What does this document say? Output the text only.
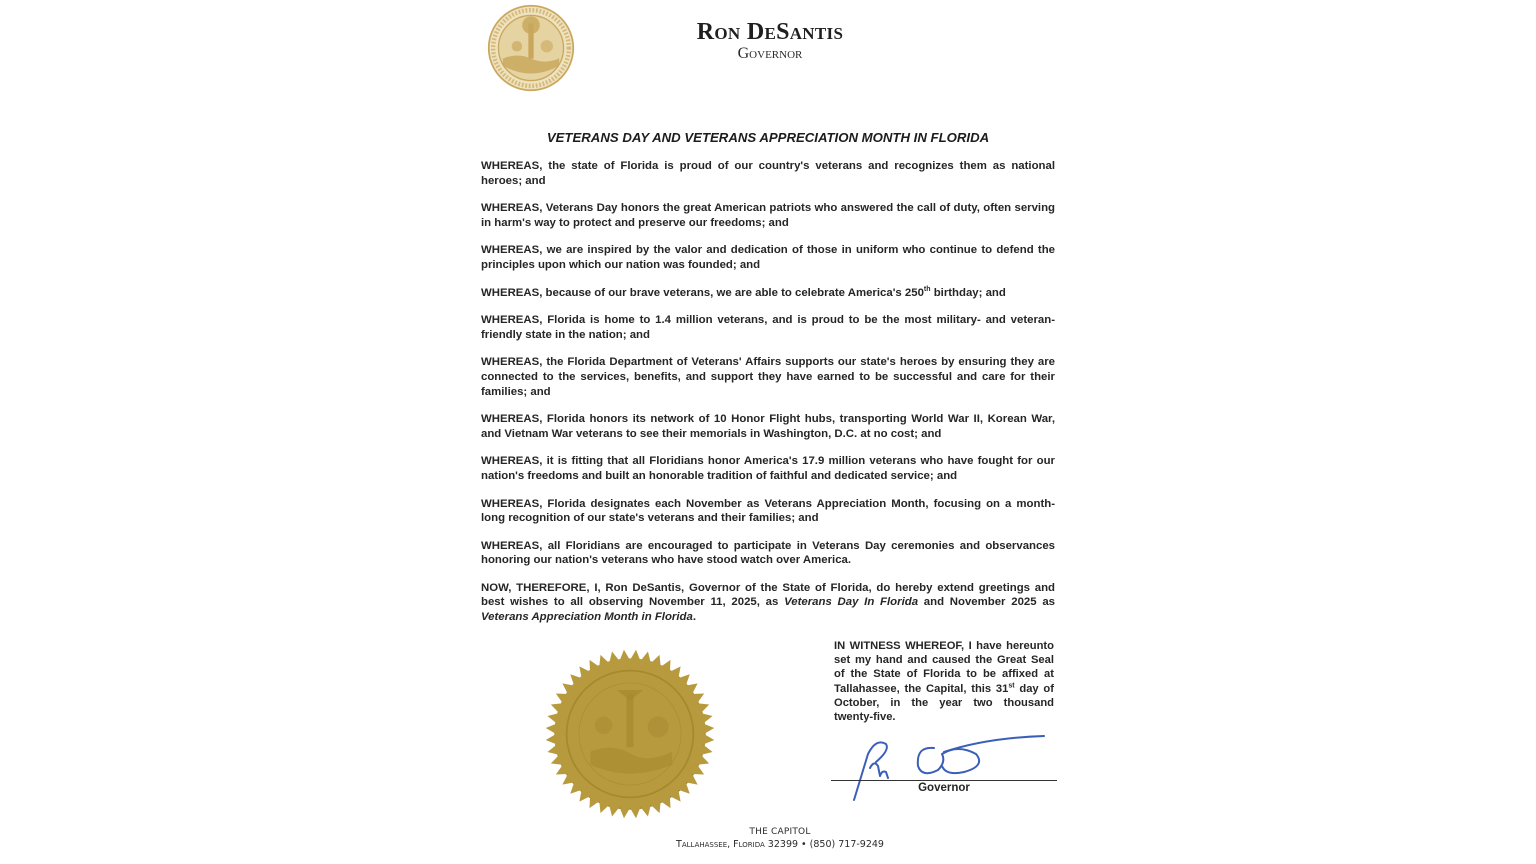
Ron DeSantis
Governor
VETERANS DAY AND VETERANS APPRECIATION MONTH IN FLORIDA

WHEREAS, the state of Florida is proud of our country's veterans and recognizes them as national heroes; and

WHEREAS, Veterans Day honors the great American patriots who answered the call of duty, often serving in harm's way to protect and preserve our freedoms; and

WHEREAS, we are inspired by the valor and dedication of those in uniform who continue to defend the principles upon which our nation was founded; and

WHEREAS, because of our brave veterans, we are able to celebrate America's 250th birthday; and

WHEREAS, Florida is home to 1.4 million veterans, and is proud to be the most military- and veteran-friendly state in the nation; and

WHEREAS, the Florida Department of Veterans' Affairs supports our state's heroes by ensuring they are connected to the services, benefits, and support they have earned to be successful and care for their families; and

WHEREAS, Florida honors its network of 10 Honor Flight hubs, transporting World War II, Korean War, and Vietnam War veterans to see their memorials in Washington, D.C. at no cost; and

WHEREAS, it is fitting that all Floridians honor America's 17.9 million veterans who have fought for our nation's freedoms and built an honorable tradition of faithful and dedicated service; and

WHEREAS, Florida designates each November as Veterans Appreciation Month, focusing on a month-long recognition of our state's veterans and their families; and

WHEREAS, all Floridians are encouraged to participate in Veterans Day ceremonies and observances honoring our nation's veterans who have stood watch over America.

NOW, THEREFORE, I, Ron DeSantis, Governor of the State of Florida, do hereby extend greetings and best wishes to all observing November 11, 2025, as Veterans Day In Florida and November 2025 as Veterans Appreciation Month in Florida.

IN WITNESS WHEREOF, I have hereunto set my hand and caused the Great Seal of the State of Florida to be affixed at Tallahassee, the Capital, this 31st day of October, in the year two thousand twenty-five.
Governor
THE CAPITOL
Tallahassee, Florida 32399 • (850) 717-9249
